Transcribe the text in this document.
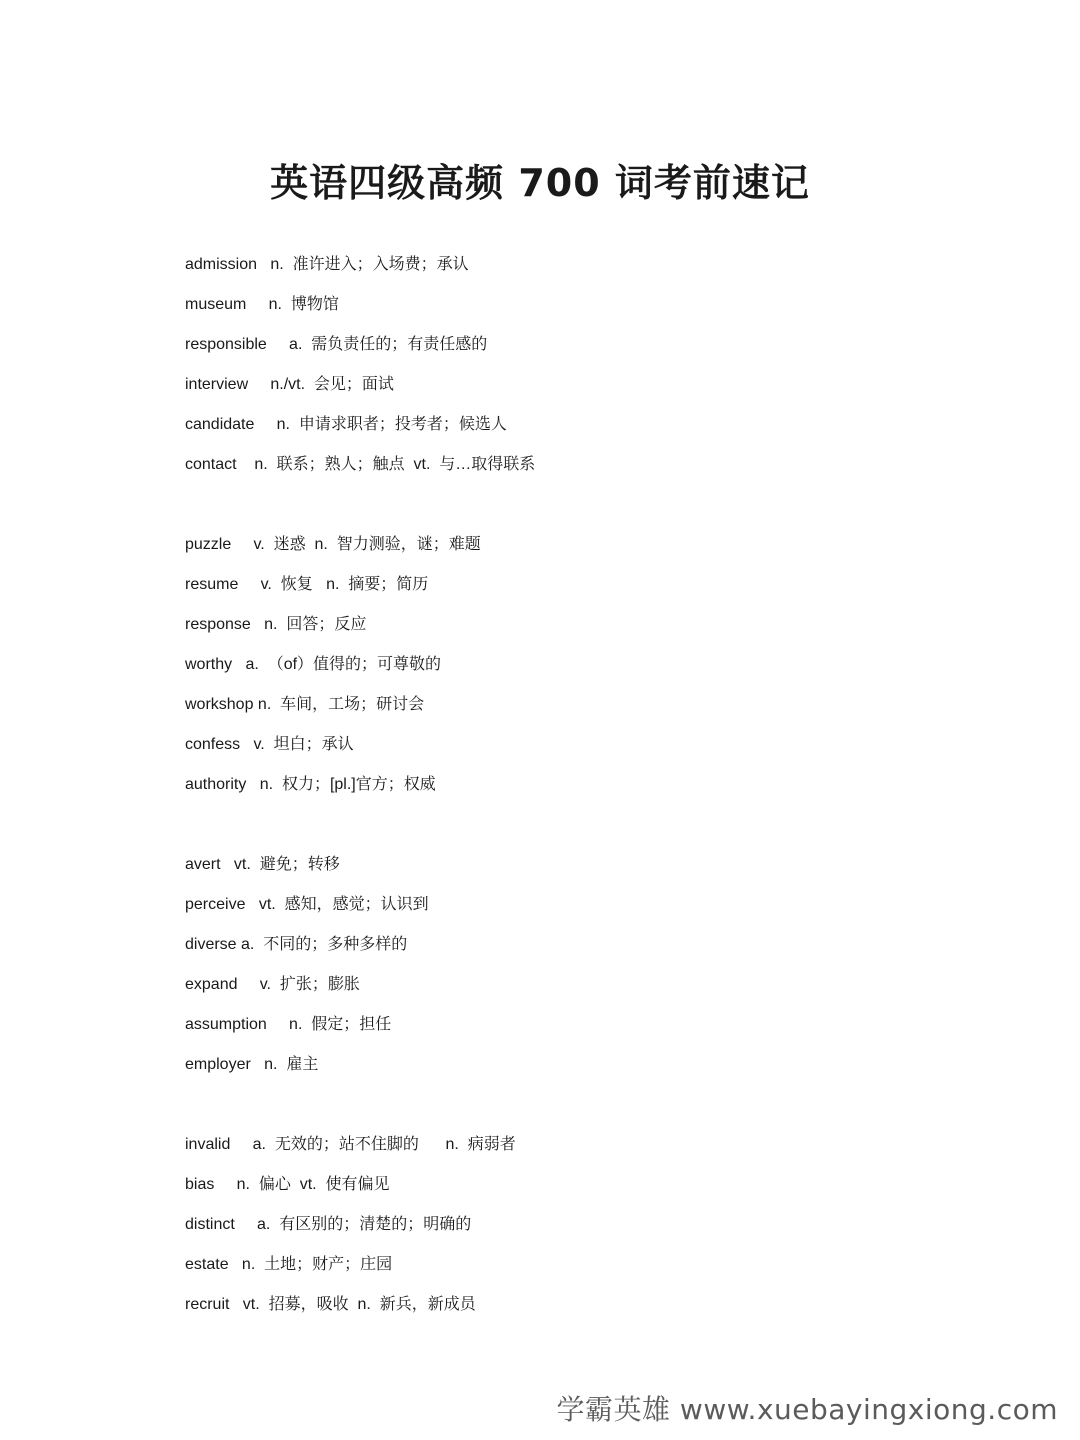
英语四级高频 700 词考前速记
admission   n.  准许进入；入场费；承认
museum     n.  博物馆
responsible     a.  需负责任的；有责任感的
interview     n./vt.  会见；面试
candidate     n.  申请求职者；投考者；候选人
contact    n.  联系；熟人；触点  vt.  与…取得联系
puzzle     v.  迷惑  n.  智力测验，谜；难题
resume     v.  恢复   n.  摘要；简历
response   n.  回答；反应
worthy   a.  （of）值得的；可尊敬的
workshop n.  车间，工场；研讨会
confess   v.  坦白；承认
authority   n.  权力；[pl.]官方；权威
avert   vt.  避免；转移
perceive   vt.  感知，感觉；认识到
diverse a.  不同的；多种多样的
expand     v.  扩张；膨胀
assumption     n.  假定；担任
employer   n.  雇主
invalid     a.  无效的；站不住脚的      n.  病弱者
bias     n.  偏心  vt.  使有偏见
distinct     a.  有区别的；清楚的；明确的
estate   n.  土地；财产；庄园
recruit   vt.  招募，吸收  n.  新兵，新成员
学霸英雄 www.xuebayingxiong.com
